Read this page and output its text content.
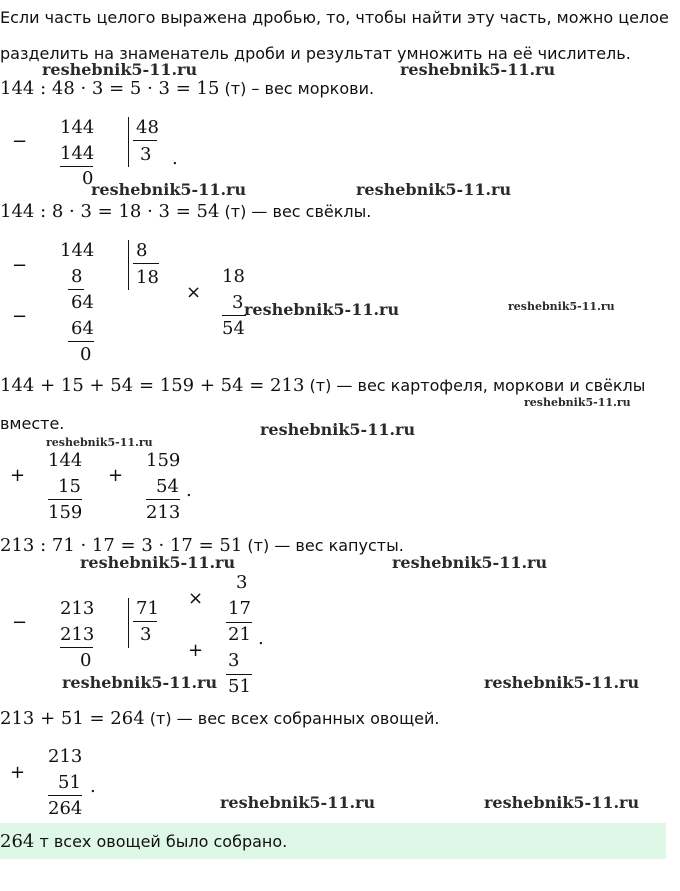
Если часть целого выражена дробью, то, чтобы найти эту часть, можно целое
разделить на знаменатель дроби и результат умножить на её числитель.
reshebnik5-11.ru	reshebnik5-11.ru
144 : 48 · 3 = 5 · 3 = 15 (т) – вес моркови.
−
144
144
0
48
3 .
reshebnik5-11.ru	reshebnik5-11.ru
144 : 8 · 3 = 18 · 3 = 54 (т) — вес свёклы.
−
144
8
−
64
64
0
8
18
×
18
3
54
reshebnik5-11.ru	reshebnik5-11.ru
144 + 15 + 54 = 159 + 54 = 213 (т) — вес картофеля, моркови и свёклы
reshebnik5-11.ru
вместе.	reshebnik5-11.ru
reshebnik5-11.ru
+
144
15
159
+
159
54
213
.
213 : 71 · 17 = 3 · 17 = 51 (т) — вес капусты.
reshebnik5-11.ru	reshebnik5-11.ru
−
213
213
0
71
3
3
× 17
21 .
+ 3
51
reshebnik5-11.ru	reshebnik5-11.ru
213 + 51 = 264 (т) — вес всех собранных овощей.
+
213
51
264
.
reshebnik5-11.ru	reshebnik5-11.ru
264 т всех овощей было собрано.
